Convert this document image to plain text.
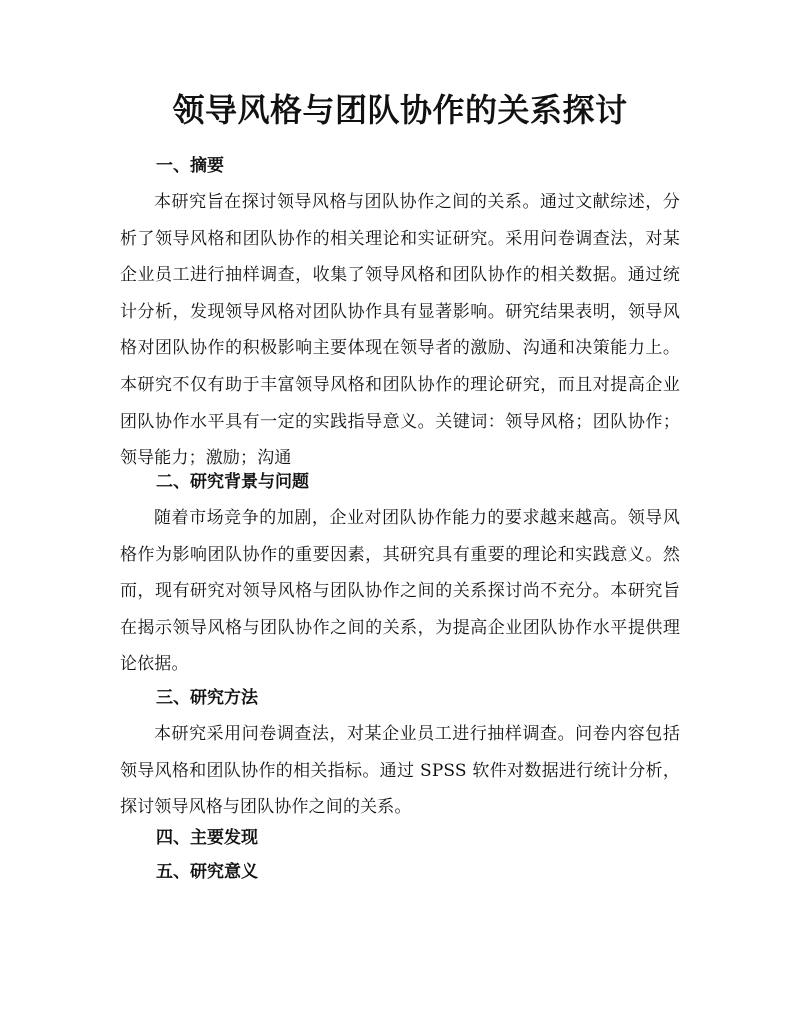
领导风格与团队协作的关系探讨
一、摘要

本研究旨在探讨领导风格与团队协作之间的关系。通过文献综述，分析了领导风格和团队协作的相关理论和实证研究。采用问卷调查法，对某企业员工进行抽样调查，收集了领导风格和团队协作的相关数据。通过统计分析，发现领导风格对团队协作具有显著影响。研究结果表明，领导风格对团队协作的积极影响主要体现在领导者的激励、沟通和决策能力上。本研究不仅有助于丰富领导风格和团队协作的理论研究，而且对提高企业团队协作水平具有一定的实践指导意义。关键词：领导风格；团队协作；领导能力；激励；沟通

二、研究背景与问题

随着市场竞争的加剧，企业对团队协作能力的要求越来越高。领导风格作为影响团队协作的重要因素，其研究具有重要的理论和实践意义。然而，现有研究对领导风格与团队协作之间的关系探讨尚不充分。本研究旨在揭示领导风格与团队协作之间的关系，为提高企业团队协作水平提供理论依据。

三、研究方法

本研究采用问卷调查法，对某企业员工进行抽样调查。问卷内容包括领导风格和团队协作的相关指标。通过 SPSS 软件对数据进行统计分析，探讨领导风格与团队协作之间的关系。

四、主要发现
五、研究意义
